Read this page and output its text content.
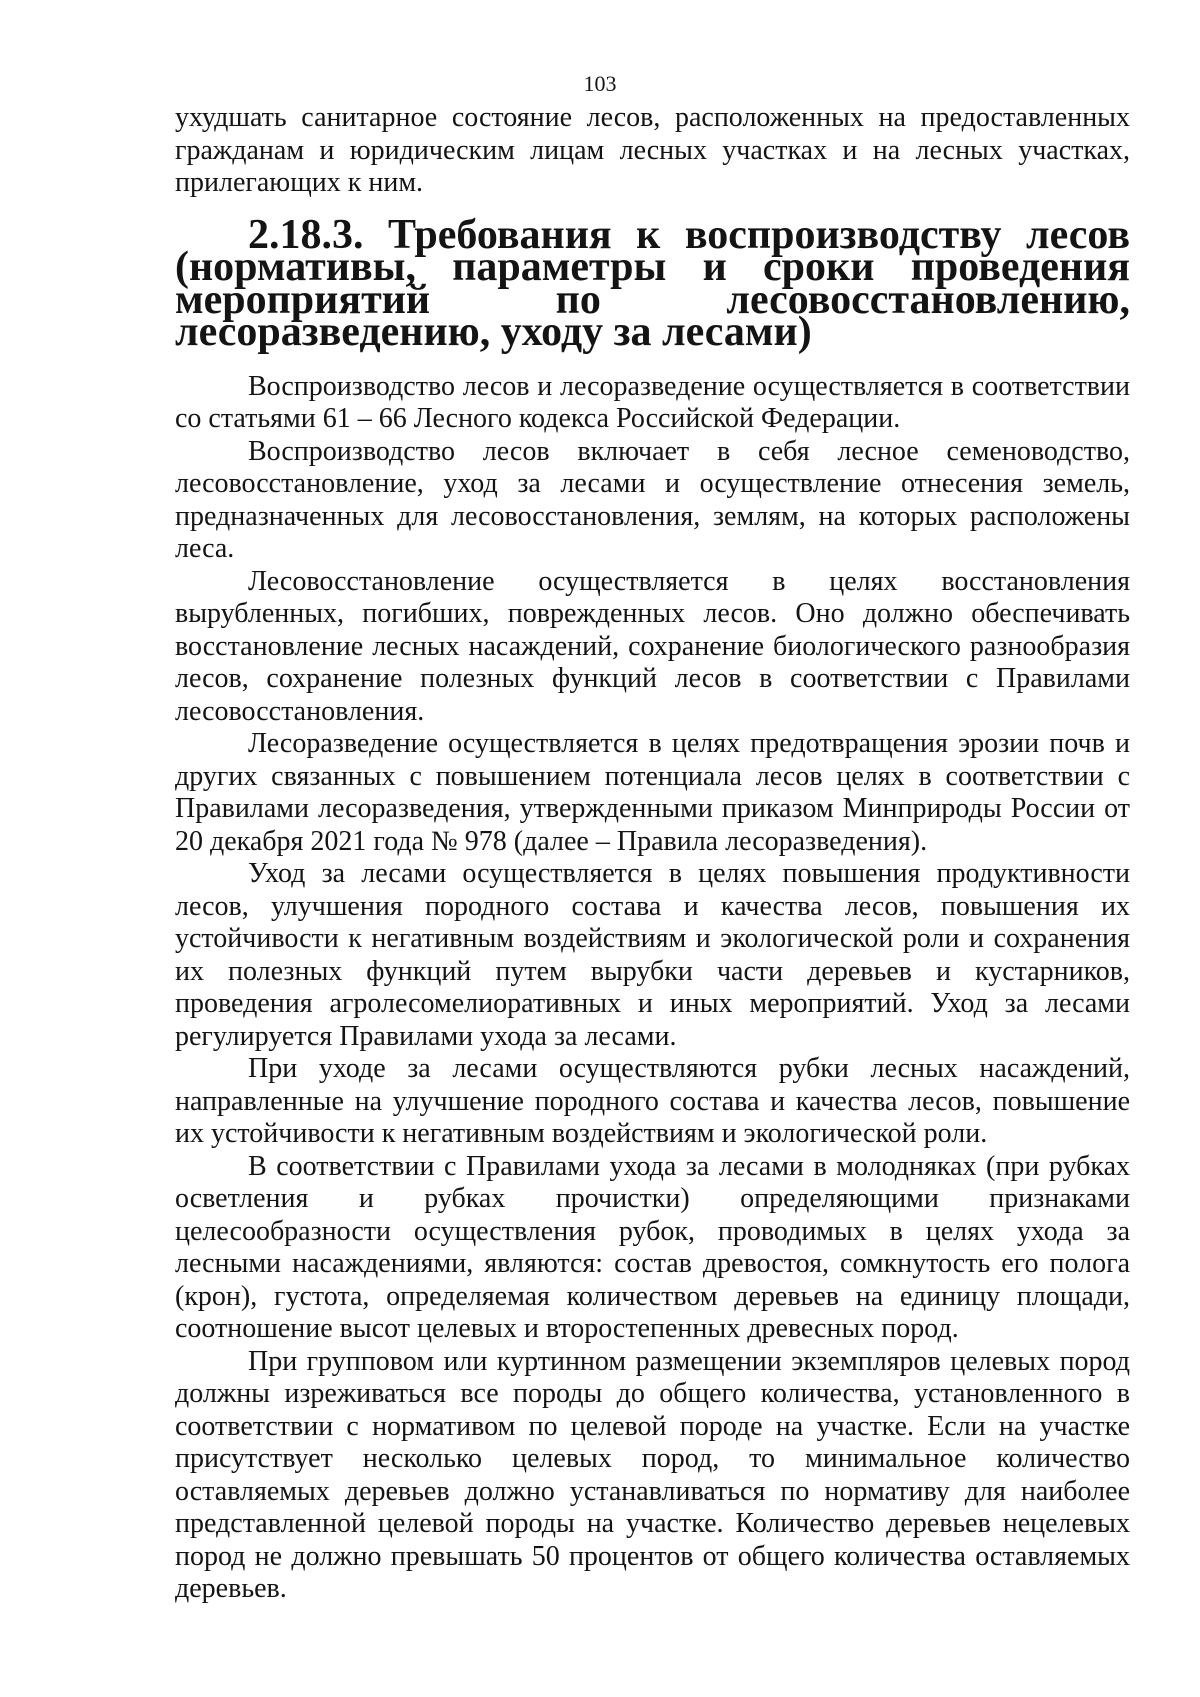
103

ухудшать санитарное состояние лесов, расположенных на предоставленных гражданам и юридическим лицам лесных участках и на лесных участках, прилегающих к ним.

2.18.3. Требования к воспроизводству лесов (нормативы, параметры и сроки проведения мероприятий по лесовосстановлению, лесоразведению, уходу за лесами)

Воспроизводство лесов и лесоразведение осуществляется в соответствии со статьями 61 – 66 Лесного кодекса Российской Федерации.

Воспроизводство лесов включает в себя лесное семеноводство, лесовосстановление, уход за лесами и осуществление отнесения земель, предназначенных для лесовосстановления, землям, на которых расположены леса.

Лесовосстановление осуществляется в целях восстановления вырубленных, погибших, поврежденных лесов. Оно должно обеспечивать восстановление лесных насаждений, сохранение биологического разнообразия лесов, сохранение полезных функций лесов в соответствии с Правилами лесовосстановления.

Лесоразведение осуществляется в целях предотвращения эрозии почв и других связанных с повышением потенциала лесов целях в соответствии с Правилами лесоразведения, утвержденными приказом Минприроды России от 20 декабря 2021 года № 978 (далее – Правила лесоразведения).

Уход за лесами осуществляется в целях повышения продуктивности лесов, улучшения породного состава и качества лесов, повышения их устойчивости к негативным воздействиям и экологической роли и сохранения их полезных функций путем вырубки части деревьев и кустарников, проведения агролесомелиоративных и иных мероприятий. Уход за лесами регулируется Правилами ухода за лесами.

При уходе за лесами осуществляются рубки лесных насаждений, направленные на улучшение породного состава и качества лесов, повышение их устойчивости к негативным воздействиям и экологической роли.

В соответствии с Правилами ухода за лесами в молодняках (при рубках осветления и рубках прочистки) определяющими признаками целесообразности осуществления рубок, проводимых в целях ухода за лесными насаждениями, являются: состав древостоя, сомкнутость его полога (крон), густота, определяемая количеством деревьев на единицу площади, соотношение высот целевых и второстепенных древесных пород.

При групповом или куртинном размещении экземпляров целевых пород должны изреживаться все породы до общего количества, установленного в соответствии с нормативом по целевой породе на участке. Если на участке присутствует несколько целевых пород, то минимальное количество оставляемых деревьев должно устанавливаться по нормативу для наиболее представленной целевой породы на участке. Количество деревьев нецелевых пород не должно превышать 50 процентов от общего количества оставляемых деревьев.
